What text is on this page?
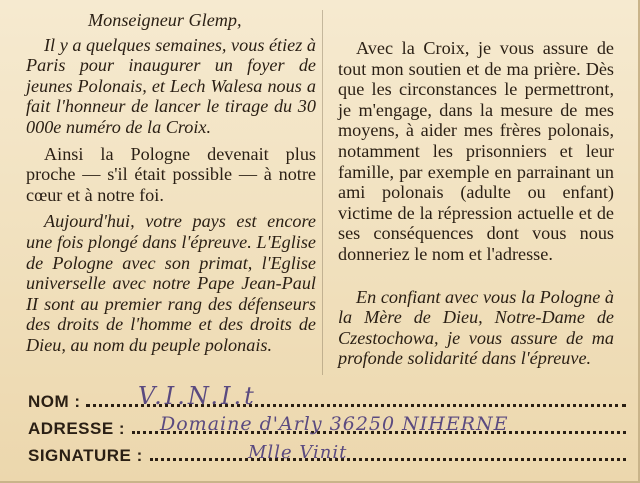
Monseigneur Glemp,

Il y a quelques semaines, vous étiez à Paris pour inaugurer un foyer de jeunes Polonais, et Lech Walesa nous a fait l'honneur de lancer le tirage du 30 000e numéro de la Croix.

Ainsi la Pologne devenait plus proche — s'il était possible — à notre cœur et à notre foi.

Aujourd'hui, votre pays est encore une fois plongé dans l'épreuve. L'Eglise de Pologne avec son primat, l'Eglise universelle avec notre Pape Jean-Paul II sont au premier rang des défenseurs des droits de l'homme et des droits de Dieu, au nom du peuple polonais.

Avec la Croix, je vous assure de tout mon soutien et de ma prière. Dès que les circonstances le permettront, je m'engage, dans la mesure de mes moyens, à aider mes frères polonais, notamment les prisonniers et leur famille, par exemple en parrainant un ami polonais (adulte ou enfant) victime de la répression actuelle et de ses conséquences dont vous nous donneriez le nom et l'adresse.

En confiant avec vous la Pologne à la Mère de Dieu, Notre-Dame de Czestochowa, je vous assure de ma profonde solidarité dans l'épreuve.

NOM : V.I.N.I.t
ADRESSE : Domaine d'Arly 36250 NIHERNE
SIGNATURE :	Mlle Vinit
